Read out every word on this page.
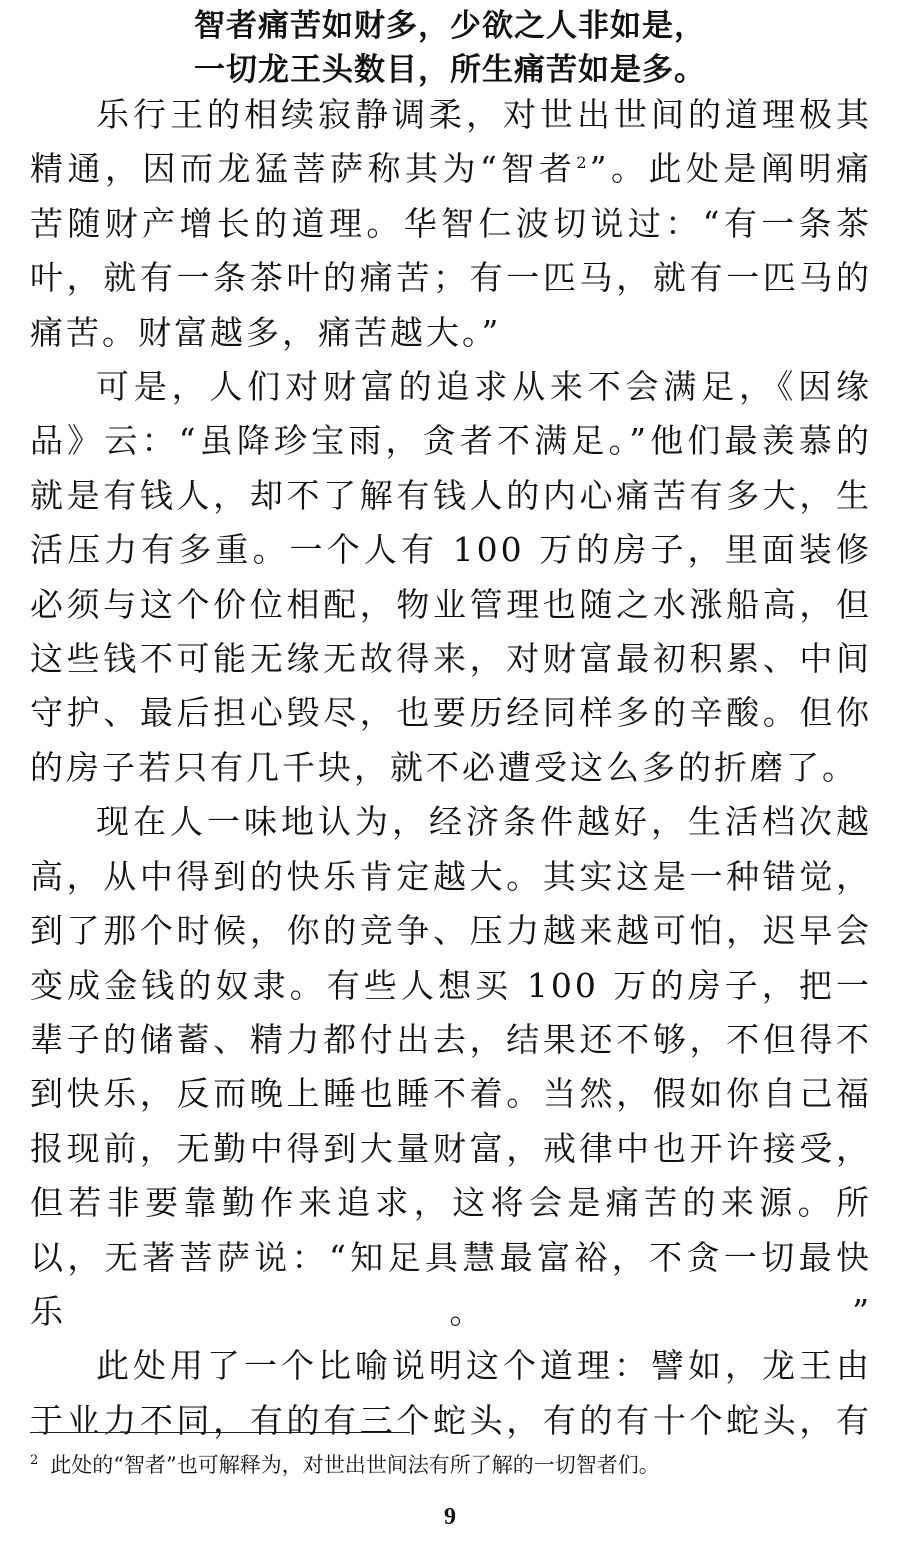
智者痛苦如财多，少欲之人非如是，
一切龙王头数目，所生痛苦如是多。

乐行王的相续寂静调柔，对世出世间的道理极其精通，因而龙猛菩萨称其为“智者$^2$”。此处是阐明痛苦随财产增长的道理。华智仁波切说过：“有一条茶叶，就有一条茶叶的痛苦；有一匹马，就有一匹马的痛苦。财富越多，痛苦越大。”

可是，人们对财富的追求从来不会满足，《因缘品》云：“虽降珍宝雨，贪者不满足。”他们最羡慕的就是有钱人，却不了解有钱人的内心痛苦有多大，生活压力有多重。一个人有 100 万的房子，里面装修必须与这个价位相配，物业管理也随之水涨船高，但这些钱不可能无缘无故得来，对财富最初积累、中间守护、最后担心毁尽，也要历经同样多的辛酸。但你的房子若只有几千块，就不必遭受这么多的折磨了。

现在人一味地认为，经济条件越好，生活档次越高，从中得到的快乐肯定越大。其实这是一种错觉，到了那个时候，你的竞争、压力越来越可怕，迟早会变成金钱的奴隶。有些人想买 100 万的房子，把一辈子的储蓄、精力都付出去，结果还不够，不但得不到快乐，反而晚上睡也睡不着。当然，假如你自己福报现前，无勤中得到大量财富，戒律中也开许接受，但若非要靠勤作来追求，这将会是痛苦的来源。所以，无著菩萨说：“知足具慧最富裕，不贪一切最快乐。”

此处用了一个比喻说明这个道理：譬如，龙王由于业力不同，有的有三个蛇头，有的有十个蛇头，有

$^2$ 此处的“智者”也可解释为，对世出世间法有所了解的一切智者们。
9
